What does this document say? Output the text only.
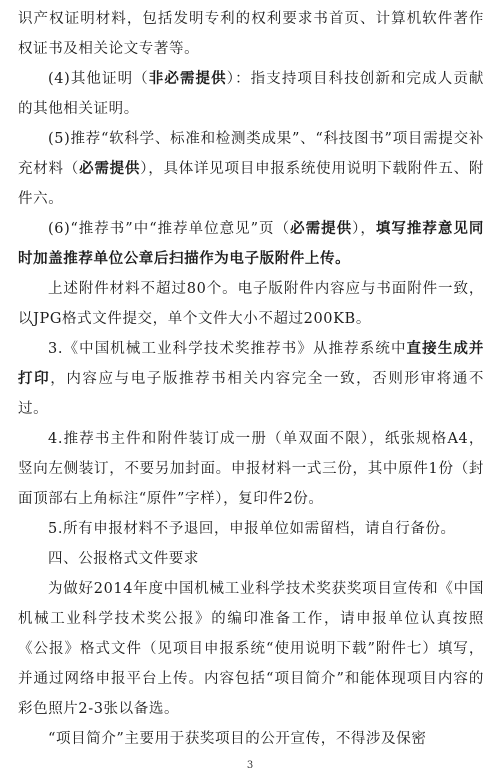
识产权证明材料，包括发明专利的权利要求书首页、计算机软件著作权证书及相关论文专著等。

(4)其他证明（非必需提供）：指支持项目科技创新和完成人贡献的其他相关证明。

(5)推荐“软科学、标准和检测类成果”、“科技图书”项目需提交补充材料（必需提供），具体详见项目申报系统使用说明下载附件五、附件六。

(6)“推荐书”中“推荐单位意见”页（必需提供），填写推荐意见同时加盖推荐单位公章后扫描作为电子版附件上传。

上述附件材料不超过80个。电子版附件内容应与书面附件一致，以JPG格式文件提交，单个文件大小不超过200KB。

3.《中国机械工业科学技术奖推荐书》从推荐系统中直接生成并打印，内容应与电子版推荐书相关内容完全一致，否则形审将通不过。

4.推荐书主件和附件装订成一册（单双面不限），纸张规格A4，竖向左侧装订，不要另加封面。申报材料一式三份，其中原件1份（封面顶部右上角标注“原件”字样），复印件2份。

5.所有申报材料不予退回，申报单位如需留档，请自行备份。

四、公报格式文件要求

为做好2014年度中国机械工业科学技术奖获奖项目宣传和《中国机械工业科学技术奖公报》的编印准备工作，请申报单位认真按照《公报》格式文件（见项目申报系统“使用说明下载”附件七）填写，并通过网络申报平台上传。内容包括“项目简介”和能体现项目内容的彩色照片2-3张以备选。

“项目简介”主要用于获奖项目的公开宣传，不得涉及保密

3
